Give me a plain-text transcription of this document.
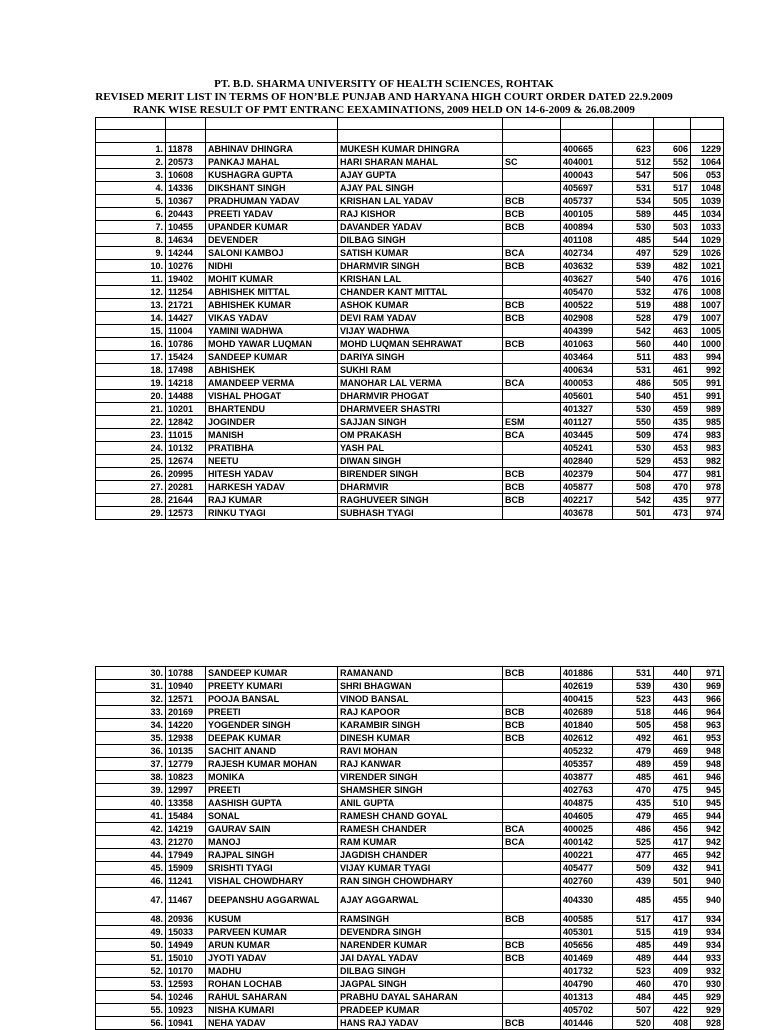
PT. B.D. SHARMA UNIVERSITY OF HEALTH SCIENCES, ROHTAK
REVISED MERIT LIST IN TERMS OF HON’BLE PUNJAB AND HARYANA HIGH COURT ORDER DATED 22.9.2009
RANK WISE RESULT OF PMT ENTRANC EEXAMINATIONS, 2009 HELD ON 14-6-2009 & 26.08.2009

1.	11878	ABHINAV DHINGRA	MUKESH KUMAR DHINGRA		400665	623	606	1229
2.	20573	PANKAJ MAHAL	HARI SHARAN MAHAL	SC	404001	512	552	1064
3.	10608	KUSHAGRA GUPTA	AJAY GUPTA		400043	547	506	053
4.	14336	DIKSHANT SINGH	AJAY PAL SINGH		405697	531	517	1048
5.	10367	PRADHUMAN YADAV	KRISHAN LAL YADAV	BCB	405737	534	505	1039
6.	20443	PREETI YADAV	RAJ KISHOR	BCB	400105	589	445	1034
7.	10455	UPANDER KUMAR	DAVANDER YADAV	BCB	400894	530	503	1033
8.	14634	DEVENDER	DILBAG SINGH		401108	485	544	1029
9.	14244	SALONI KAMBOJ	SATISH KUMAR	BCA	402734	497	529	1026
10.	10276	NIDHI	DHARMVIR SINGH	BCB	403632	539	482	1021
11.	19402	MOHIT KUMAR	KRISHAN LAL		403627	540	476	1016
12.	11254	ABHISHEK MITTAL	CHANDER KANT MITTAL		405470	532	476	1008
13.	21721	ABHISHEK KUMAR	ASHOK KUMAR	BCB	400522	519	488	1007
14.	14427	VIKAS YADAV	DEVI RAM YADAV	BCB	402908	528	479	1007
15.	11004	YAMINI WADHWA	VIJAY WADHWA		404399	542	463	1005
16.	10786	MOHD YAWAR LUQMAN	MOHD LUQMAN SEHRAWAT	BCB	401063	560	440	1000
17.	15424	SANDEEP KUMAR	DARIYA SINGH		403464	511	483	994
18.	17498	ABHISHEK	SUKHI RAM		400634	531	461	992
19.	14218	AMANDEEP VERMA	MANOHAR LAL VERMA	BCA	400053	486	505	991
20.	14488	VISHAL PHOGAT	DHARMVIR PHOGAT		405601	540	451	991
21.	10201	BHARTENDU	DHARMVEER SHASTRI		401327	530	459	989
22.	12842	JOGINDER	SAJJAN SINGH	ESM	401127	550	435	985
23.	11015	MANISH	OM PRAKASH	BCA	403445	509	474	983
24.	10132	PRATIBHA	YASH PAL		405241	530	453	983
25.	12674	NEETU	DIWAN SINGH		402840	529	453	982
26.	20995	HITESH YADAV	BIRENDER SINGH	BCB	402379	504	477	981
27.	20281	HARKESH YADAV	DHARMVIR	BCB	405877	508	470	978
28.	21644	RAJ KUMAR	RAGHUVEER SINGH	BCB	402217	542	435	977
29.	12573	RINKU TYAGI	SUBHASH TYAGI		403678	501	473	974
30.	10788	SANDEEP KUMAR	RAMANAND	BCB	401886	531	440	971
31.	10940	PREETY KUMARI	SHRI BHAGWAN		402619	539	430	969
32.	12571	POOJA BANSAL	VINOD BANSAL		400415	523	443	966
33.	20169	PREETI	RAJ KAPOOR	BCB	402689	518	446	964
34.	14220	YOGENDER SINGH	KARAMBIR SINGH	BCB	401840	505	458	963
35.	12938	DEEPAK KUMAR	DINESH KUMAR	BCB	402612	492	461	953
36.	10135	SACHIT ANAND	RAVI MOHAN		405232	479	469	948
37.	12779	RAJESH KUMAR MOHAN	RAJ KANWAR		405357	489	459	948
38.	10823	MONIKA	VIRENDER SINGH		403877	485	461	946
39.	12997	PREETI	SHAMSHER SINGH		402763	470	475	945
40.	13358	AASHISH GUPTA	ANIL GUPTA		404875	435	510	945
41.	15484	SONAL	RAMESH CHAND GOYAL		404605	479	465	944
42.	14219	GAURAV SAIN	RAMESH CHANDER	BCA	400025	486	456	942
43.	21270	MANOJ	RAM KUMAR	BCA	400142	525	417	942
44.	17949	RAJPAL SINGH	JAGDISH CHANDER		400221	477	465	942
45.	15909	SRISHTI TYAGI	VIJAY KUMAR TYAGI		405477	509	432	941
46.	11241	VISHAL CHOWDHARY	RAN SINGH CHOWDHARY		402760	439	501	940
47.	11467	DEEPANSHU AGGARWAL	AJAY AGGARWAL		404330	485	455	940
48.	20936	KUSUM	RAMSINGH	BCB	400585	517	417	934
49.	15033	PARVEEN KUMAR	DEVENDRA SINGH		405301	515	419	934
50.	14949	ARUN KUMAR	NARENDER KUMAR	BCB	405656	485	449	934
51.	15010	JYOTI YADAV	JAI DAYAL YADAV	BCB	401469	489	444	933
52.	10170	MADHU	DILBAG SINGH		401732	523	409	932
53.	12593	ROHAN LOCHAB	JAGPAL SINGH		404790	460	470	930
54.	10246	RAHUL SAHARAN	PRABHU DAYAL SAHARAN		401313	484	445	929
55.	10923	NISHA KUMARI	PRADEEP KUMAR		405702	507	422	929
56.	10941	NEHA YADAV	HANS RAJ YADAV	BCB	401446	520	408	928
